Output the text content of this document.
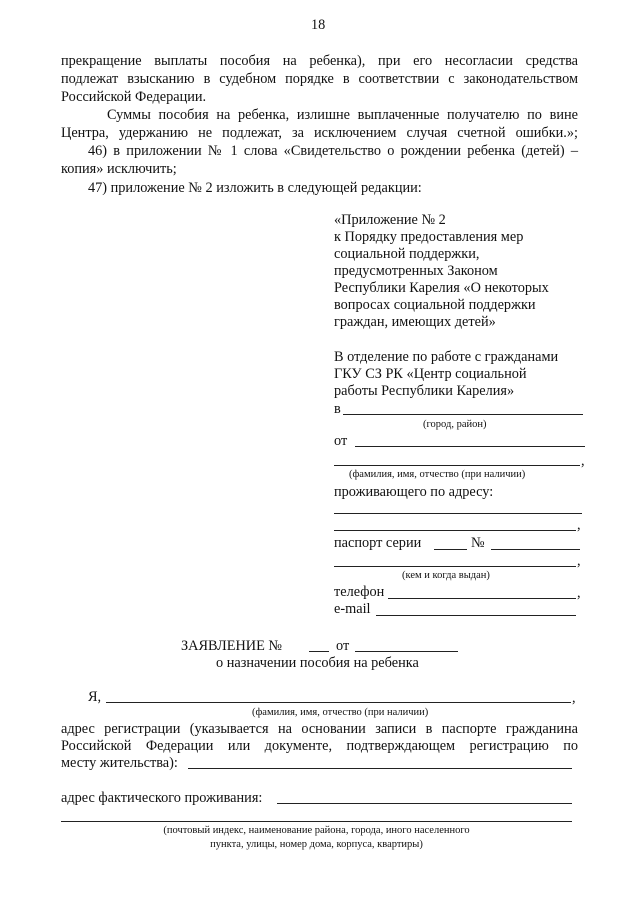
18
прекращение выплаты пособия на ребенка), при его несогласии средства
подлежат взысканию в судебном порядке в соответствии с законодательством
Российской Федерации.
Суммы пособия на ребенка, излишне выплаченные получателю по вине
Центра, удержанию не подлежат, за исключением случая счетной ошибки.»;
46) в приложении № 1 слова «Свидетельство о рождении ребенка (детей) –
копия» исключить;
47) приложение № 2 изложить в следующей редакции:
«Приложение № 2
к Порядку предоставления мер
социальной поддержки,
предусмотренных Законом
Республики Карелия «О некоторых
вопросах социальной поддержки
граждан, имеющих детей»
В отделение по работе с гражданами
ГКУ СЗ РК «Центр социальной
работы Республики Карелия»
в
(город, район)
от
,
(фамилия, имя, отчество (при наличии)
проживающего по адресу:
,
паспорт серии	№
,
(кем и когда выдан)
телефон	,
e-mail
ЗАЯВЛЕНИЕ №	от
о назначении пособия на ребенка
Я,	,
(фамилия, имя, отчество (при наличии)
адрес регистрации (указывается на основании записи в паспорте гражданина
Российской Федерации или документе, подтверждающем регистрацию по
месту жительства):
адрес фактического проживания:
(почтовый индекс, наименование района, города, иного населенного
пункта, улицы, номер дома, корпуса, квартиры)
